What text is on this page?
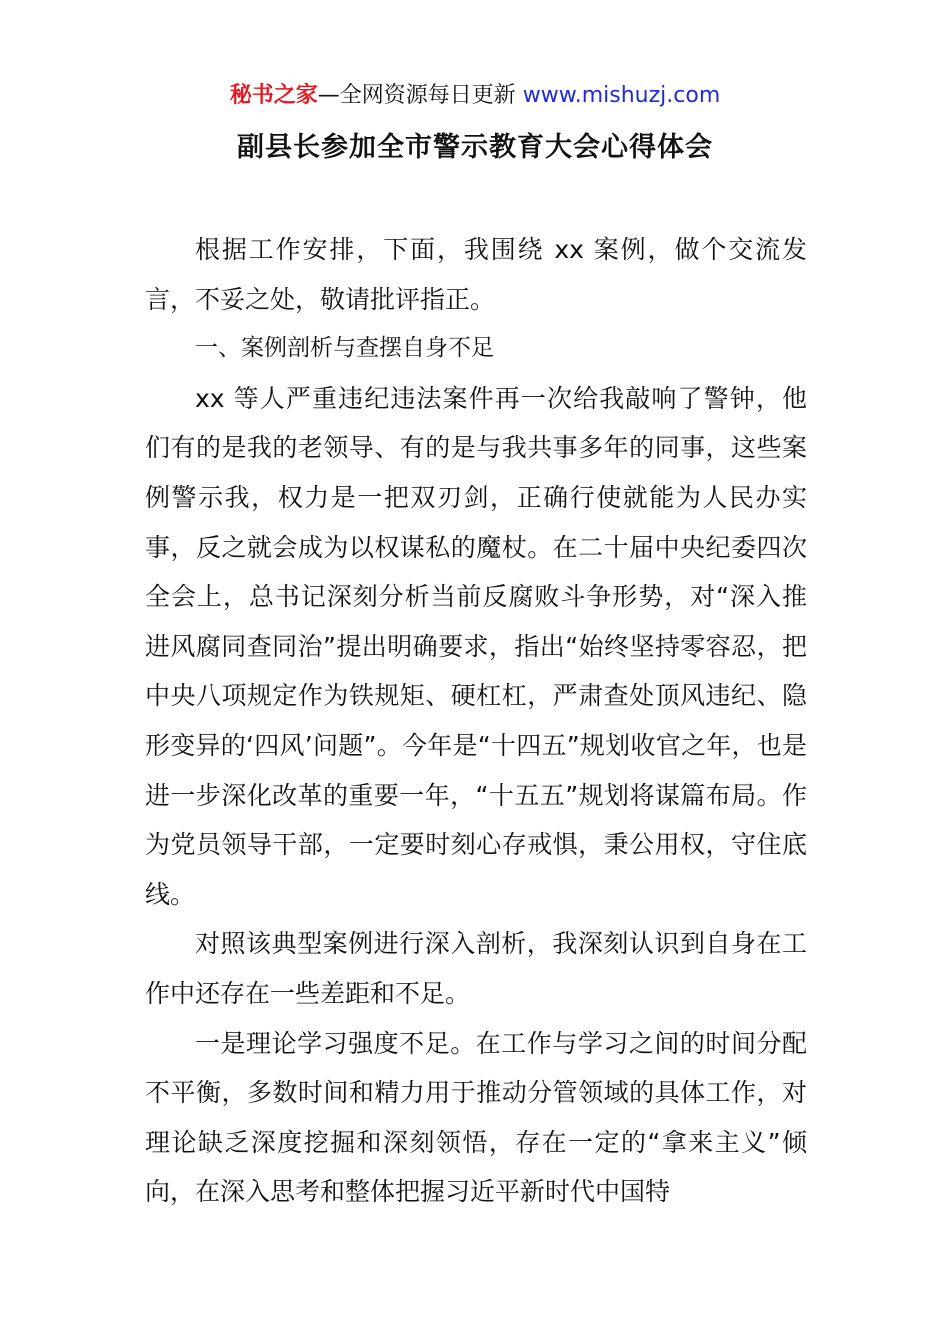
秘书之家—全网资源每日更新 www.mishuzj.com
副县长参加全市警示教育大会心得体会

根据工作安排，下面，我围绕 xx 案例，做个交流发言，不妥之处，敬请批评指正。

一、案例剖析与查摆自身不足

xx 等人严重违纪违法案件再一次给我敲响了警钟，他们有的是我的老领导、有的是与我共事多年的同事，这些案例警示我，权力是一把双刃剑，正确行使就能为人民办实事，反之就会成为以权谋私的魔杖。在二十届中央纪委四次全会上，总书记深刻分析当前反腐败斗争形势，对“深入推进风腐同查同治”提出明确要求，指出“始终坚持零容忍，把中央八项规定作为铁规矩、硬杠杠，严肃查处顶风违纪、隐形变异的‘四风’问题”。今年是“十四五”规划收官之年，也是进一步深化改革的重要一年，“十五五”规划将谋篇布局。作为党员领导干部，一定要时刻心存戒惧，秉公用权，守住底线。

对照该典型案例进行深入剖析，我深刻认识到自身在工作中还存在一些差距和不足。

一是理论学习强度不足。在工作与学习之间的时间分配不平衡，多数时间和精力用于推动分管领域的具体工作，对理论缺乏深度挖掘和深刻领悟，存在一定的“拿来主义”倾向，在深入思考和整体把握习近平新时代中国特
